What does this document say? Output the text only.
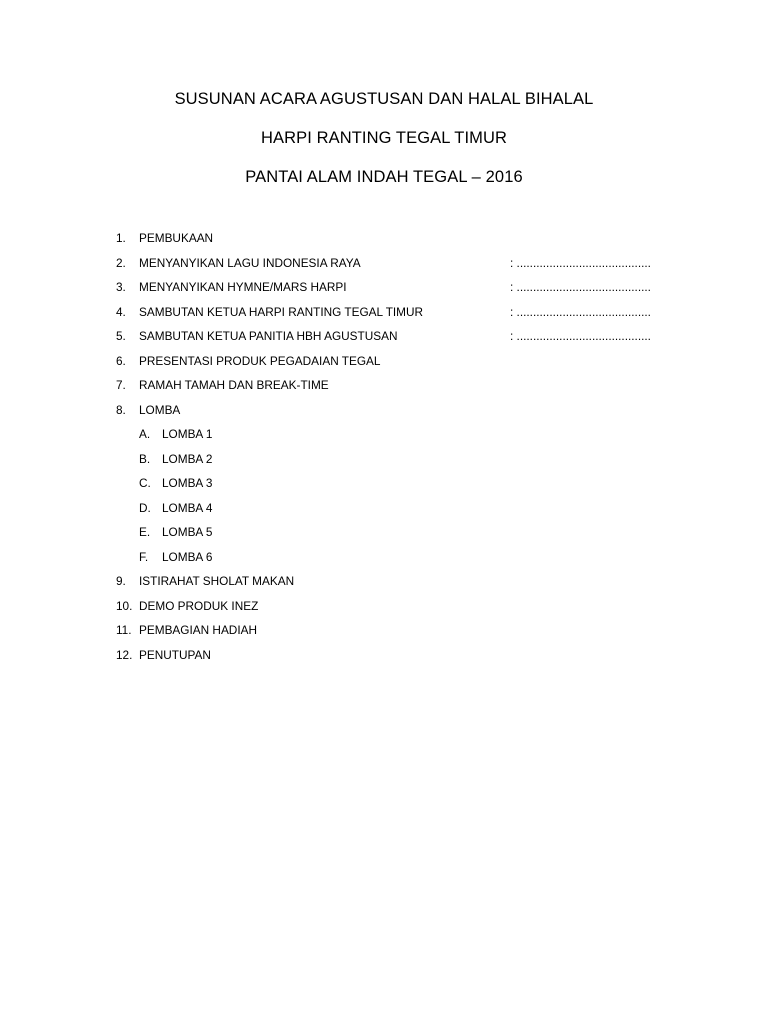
SUSUNAN ACARA AGUSTUSAN DAN HALAL BIHALAL
HARPI RANTING TEGAL TIMUR
PANTAI ALAM INDAH TEGAL – 2016
1. PEMBUKAAN
2. MENYANYIKAN LAGU INDONESIA RAYA	: .........................................
3. MENYANYIKAN HYMNE/MARS HARPI	: .........................................
4. SAMBUTAN KETUA HARPI RANTING TEGAL TIMUR	: .........................................
5. SAMBUTAN KETUA PANITIA HBH AGUSTUSAN	: .........................................
6. PRESENTASI PRODUK PEGADAIAN TEGAL
7. RAMAH TAMAH DAN BREAK-TIME
8. LOMBA
A. LOMBA 1
B. LOMBA 2
C. LOMBA 3
D. LOMBA 4
E. LOMBA 5
F. LOMBA 6
9. ISTIRAHAT SHOLAT MAKAN
10. DEMO PRODUK INEZ
11. PEMBAGIAN HADIAH
12. PENUTUPAN
